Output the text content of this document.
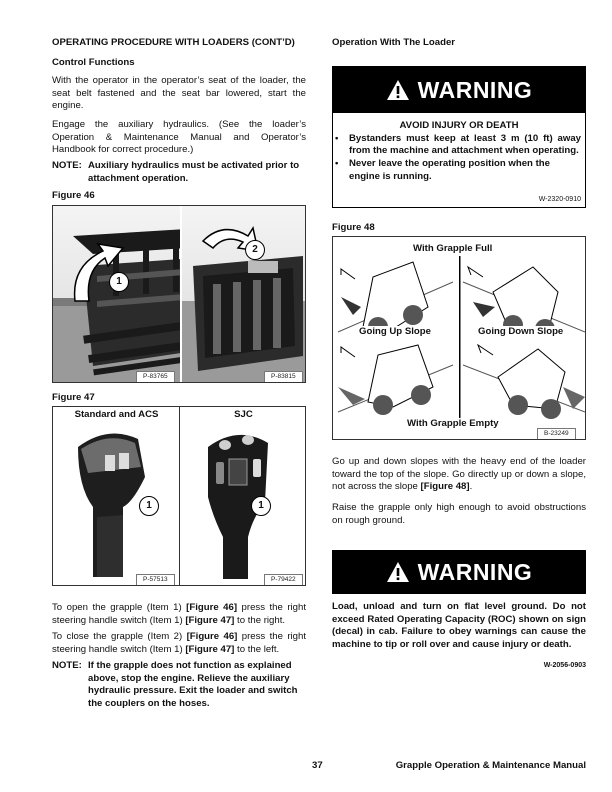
OPERATING PROCEDURE WITH LOADERS (CONT’D)
Control Functions

With the operator in the operator’s seat of the loader, the seat belt fastened and the seat bar lowered, start the engine.

Engage the auxiliary hydraulics. (See the loader’s Operation & Maintenance Manual and Operator’s Handbook for correct procedure.)

NOTE: Auxiliary hydraulics must be activated prior to attachment operation.
Figure 46
1
2
P-83765	P-83815
Figure 47
Standard and ACS	SJC
1	1
P-57513	P-79422

To open the grapple (Item 1) [Figure 46] press the right steering handle switch (Item 1) [Figure 47] to the right.

To close the grapple (Item 2) [Figure 46] press the right steering handle switch (Item 1) [Figure 47] to the left.

NOTE: If the grapple does not function as explained above, stop the engine. Relieve the auxiliary hydraulic pressure. Exit the loader and switch the couplers on the hoses.
Operation With The Loader
WARNING
AVOID INJURY OR DEATH
•	Bystanders must keep at least 3 m (10 ft) away from the machine and attachment when operating.
•	Never leave the operating position when the engine is running.
W-2320-0910
Figure 48
With Grapple Full
Going Up Slope	Going Down Slope
With Grapple Empty
B-23249

Go up and down slopes with the heavy end of the loader toward the top of the slope. Go directly up or down a slope, not across the slope [Figure 48].

Raise the grapple only high enough to avoid obstructions on rough ground.

WARNING

Load, unload and turn on flat level ground. Do not exceed Rated Operating Capacity (ROC) shown on sign (decal) in cab. Failure to obey warnings can cause the machine to tip or roll over and cause injury or death.

W-2056-0903
37	Grapple Operation & Maintenance Manual
